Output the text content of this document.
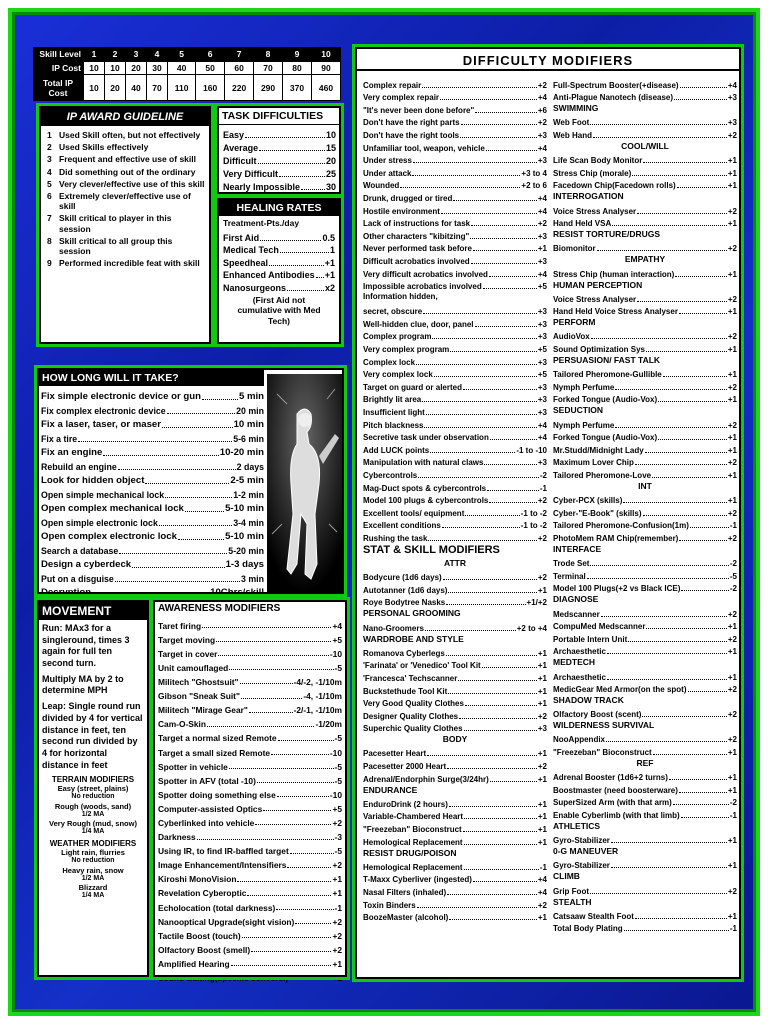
Skill Level	1	2	3	4	5	6	7	8	9	10
IP Cost	10	10	20	30	40	50	60	70	80	90
Total IP Cost	10	20	40	70	110	160	220	290	370	460
IP AWARD GUIDELINE
1 Used Skill often, but not effectively
2 Used Skills effectively
3 Frequent and effective use of skill
4 Did something out of the ordinary
5 Very clever/effective use of this skill
6 Extremely clever/effective use of skill
7 Skill critical to player in this session
8 Skill critical to all group this session
9 Performed incredible feat with skill
TASK DIFFICULTIES
Easy	10
Average	15
Difficult	20
Very Difficult	25
Nearly Impossible	30
HEALING RATES
Treatment-Pts./day
First Aid	0.5
Medical Tech	1
Speedheal	+1
Enhanced Antibodies +1
Nanosurgeons	x2
(First Aid not cumulative with Med Tech)
HOW LONG WILL IT TAKE?
Fix simple electronic device or gun	5 min
Fix complex electronic device	20 min
Fix a laser, taser, or maser	10 min
Fix a tire	5-6 min
Fix an engine	10-20 min
Rebuild an engine	2 days
Look for hidden object	2-5 min
Open simple mechanical lock	1-2 min
Open complex mechanical lock	5-10 min
Open simple electronic lock	3-4 min
Open complex electronic lock	5-10 min
Search a database	5-20 min
Design a cyberdeck	1-3 days
Put on a disguise	3 min
Decryption	10Chrs/skill
MOVEMENT
Run: MAx3 for a singleround, times 3 again for full ten second turn.
Multiply MA by 2 to determine MPH
Leap: Single round run divided by 4 for vertical distance in feet, ten second run divided by 4 for horizontal distance in feet
TERRAIN MODIFIERS
Easy (street, plains)
No reduction
Rough (woods, sand)
1/2 MA
Very Rough (mud, snow)
1/4 MA
WEATHER MODIFIERS
Light rain, flurries
No reduction
Heavy rain, snow
1/2 MA
Blizzard
1/4 MA
AWARENESS MODIFIERS
Taret firing	+4
Target moving	+5
Target in cover	-10
Unit camouflaged	-5
Militech "Ghostsuit"	-4/-2, -1/10m
Gibson "Sneak Suit"	-4, -1/10m
Militech "Mirage Gear"	-2/-1, -1/10m
Cam-O-Skin	-1/20m
Target a normal sized Remote	-5
Target a small sized Remote	-10
Spotter in vehicle	-5
Spotter in AFV (total -10)	-5
Spotter doing something else	-10
Computer-assisted Optics	+5
Cyberlinked into vehicle	+2
Darkness	-3
Using IR, to find IR-baffled target	-5
Image Enhancement/Intensifiers	+2
Kiroshi MonoVision	+1
Revelation Cyberoptic	+1
Echolocation (total darkness)	-1
Nanooptical Upgrade(sight vision)	+2
Tactile Boost (touch)	+2
Olfactory Boost (smell)	+2
Amplified Hearing	+1
Sound Editing(specific convers.)	+2
DIFFICULTY MODIFIERS
Complex repair	+2
Very complex repair	+4
"It's never been done before"	+6
Don't have the right parts	+2
Don't have the right tools	+3
Unfamiliar tool, weapon, vehicle	+4
Under stress	+3
Under attack	+3 to 4
Wounded	+2 to 6
Drunk, drugged or tired	+4
Hostile environment	+4
Lack of instructions for task	+2
Other characters "kibitzing"	+3
Never performed task before	+1
Difficult acrobatics involved	+3
Very difficult acrobatics involved	+4
Impossible acrobatics involved	+5
Information hidden,
secret, obscure	+3
Well-hidden clue, door, panel	+3
Complex program	+3
Very complex program	+5
Complex lock	+3
Very complex lock	+5
Target on guard or alerted	+3
Brightly lit area	+3
Insufficient light	+3
Pitch blackness	+4
Secretive task under observation	+4
Add LUCK points	-1 to -10
Manipulation with natural claws	+3
Cybercontrols	-2
Mag-Duct spots & cybercontrols	-1
Model 100 plugs & cybercontrols	+2
Excellent tools/ equipment	-1 to -2
Excellent conditions	-1 to -2
Rushing the task	+2
STAT & SKILL MODIFIERS
ATTR
Bodycure (1d6 days)	+2
Autotanner (1d6 days)	+1
Roye Bodytree Nasks	+1/+2
PERSONAL GROOMING
Nano-Groomers	+2 to +4
WARDROBE AND STYLE
Romanova Cyberlegs	+1
'Farinata' or 'Venedico' Tool Kit	+1
'Francesca' Techscanner	+1
Buckstethude Tool Kit	+1
Very Good Quality Clothes	+1
Designer Quality Clothes	+2
Superchic Quality Clothes	+3
BODY
Pacesetter Heart	+1
Pacesetter 2000 Heart	+2
Adrenal/Endorphin Surge(3/24hr)	+1
ENDURANCE
EnduroDrink (2 hours)	+1
Variable-Chambered Heart	+1
"Freezeban" Bioconstruct	+1
Hemological Replacement	+1
RESIST DRUG/POISON
Hemological Replacement	-1
T-Maxx Cyberliver (ingested)	+4
Nasal Filters (inhaled)	+4
Toxin Binders	+2
BoozeMaster (alcohol)	+1
Full-Spectrum Booster(+disease)	+4
Anti-Plague Nanotech (disease)	+3
SWIMMING
Web Foot	+3
Web Hand	+2
COOL/WILL
Life Scan Body Monitor	+1
Stress Chip (morale)	+1
Facedown Chip(Facedown rolls)	+1
INTERROGATION
Voice Stress Analyser	+2
Hand Held VSA	+1
RESIST TORTURE/DRUGS
Biomonitor	+2
EMPATHY
Stress Chip (human interaction)	+1
HUMAN PERCEPTION
Voice Stress Analyser	+2
Hand Held Voice Stress Analyser	+1
PERFORM
AudioVox	+2
Sound Optimization Sys	+1
PERSUASION/ FAST TALK
Tailored Pheromone-Gullible	+1
Nymph Perfume	+2
Forked Tongue (Audio-Vox)	+1
SEDUCTION
Nymph Perfume	+2
Forked Tongue (Audio-Vox)	+1
Mr.Studd/Midnight Lady	+1
Maximum Lover Chip	+2
Tailored Pheromone-Love	+1
INT
Cyber-PCX (skills)	+1
Cyber-"E-Book" (skills)	+2
Tailored Pheromone-Confusion(1m)	-1
PhotoMem RAM Chip(remember)	+2
INTERFACE
Trode Set	-2
Terminal	-5
Model 100 Plugs(+2 vs Black ICE)	-2
DIAGNOSE
Medscanner	+2
CompuMed Medscanner	+1
Portable Intern Unit	+2
Archaesthetic	+1
MEDTECH
Archaesthetic	+1
MedicGear Med Armor(on the spot)	+2
SHADOW TRACK
Olfactory Boost (scent)	+2
WILDERNESS SURVIVAL
NooAppendix	+2
"Freezeban" Bioconstruct	+1
REF
Adrenal Booster (1d6+2 turns)	+1
Boostmaster (need boosterware)	+1
SuperSized Arm (with that arm)	-2
Enable Cyberlimb (with that limb)	-1
ATHLETICS
Gyro-Stabilizer	+1
0-G MANEUVER
Gyro-Stabilizer	+1
CLIMB
Grip Foot	+2
STEALTH
Catsaaw Stealth Foot	+1
Total Body Plating	-1
